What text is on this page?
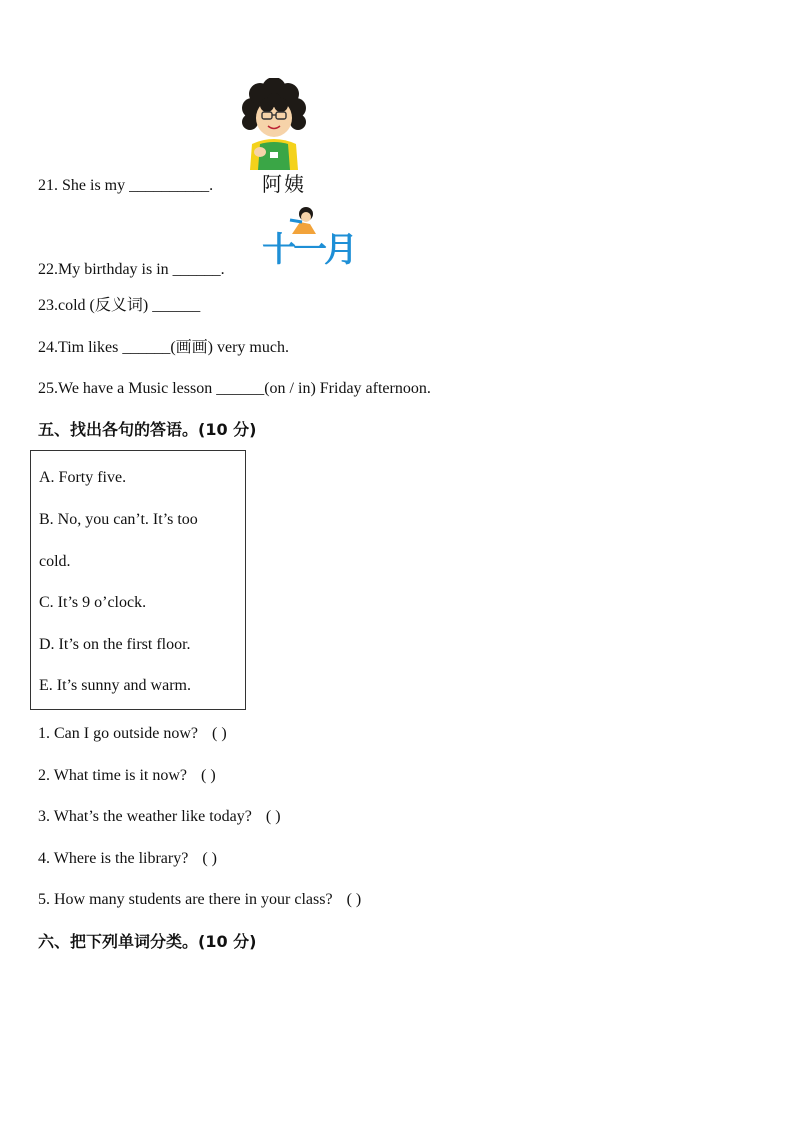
21. She is my __________. 阿姨
22.My birthday is in ______. 十一月
23.cold (反义词) ______
24.Tim likes ______(画画) very much.
25.We have a Music lesson ______(on / in) Friday afternoon.
五、找出各句的答语。(10 分)
A. Forty five.
B. No, you can’t. It’s too
cold.
C. It’s 9 o’clock.
D. It’s on the first floor.
E. It’s sunny and warm.
1. Can I go outside now? ( )
2. What time is it now? ( )
3. What’s the weather like today? ( )
4. Where is the library? ( )
5. How many students are there in your class? ( )
六、把下列单词分类。(10 分)
